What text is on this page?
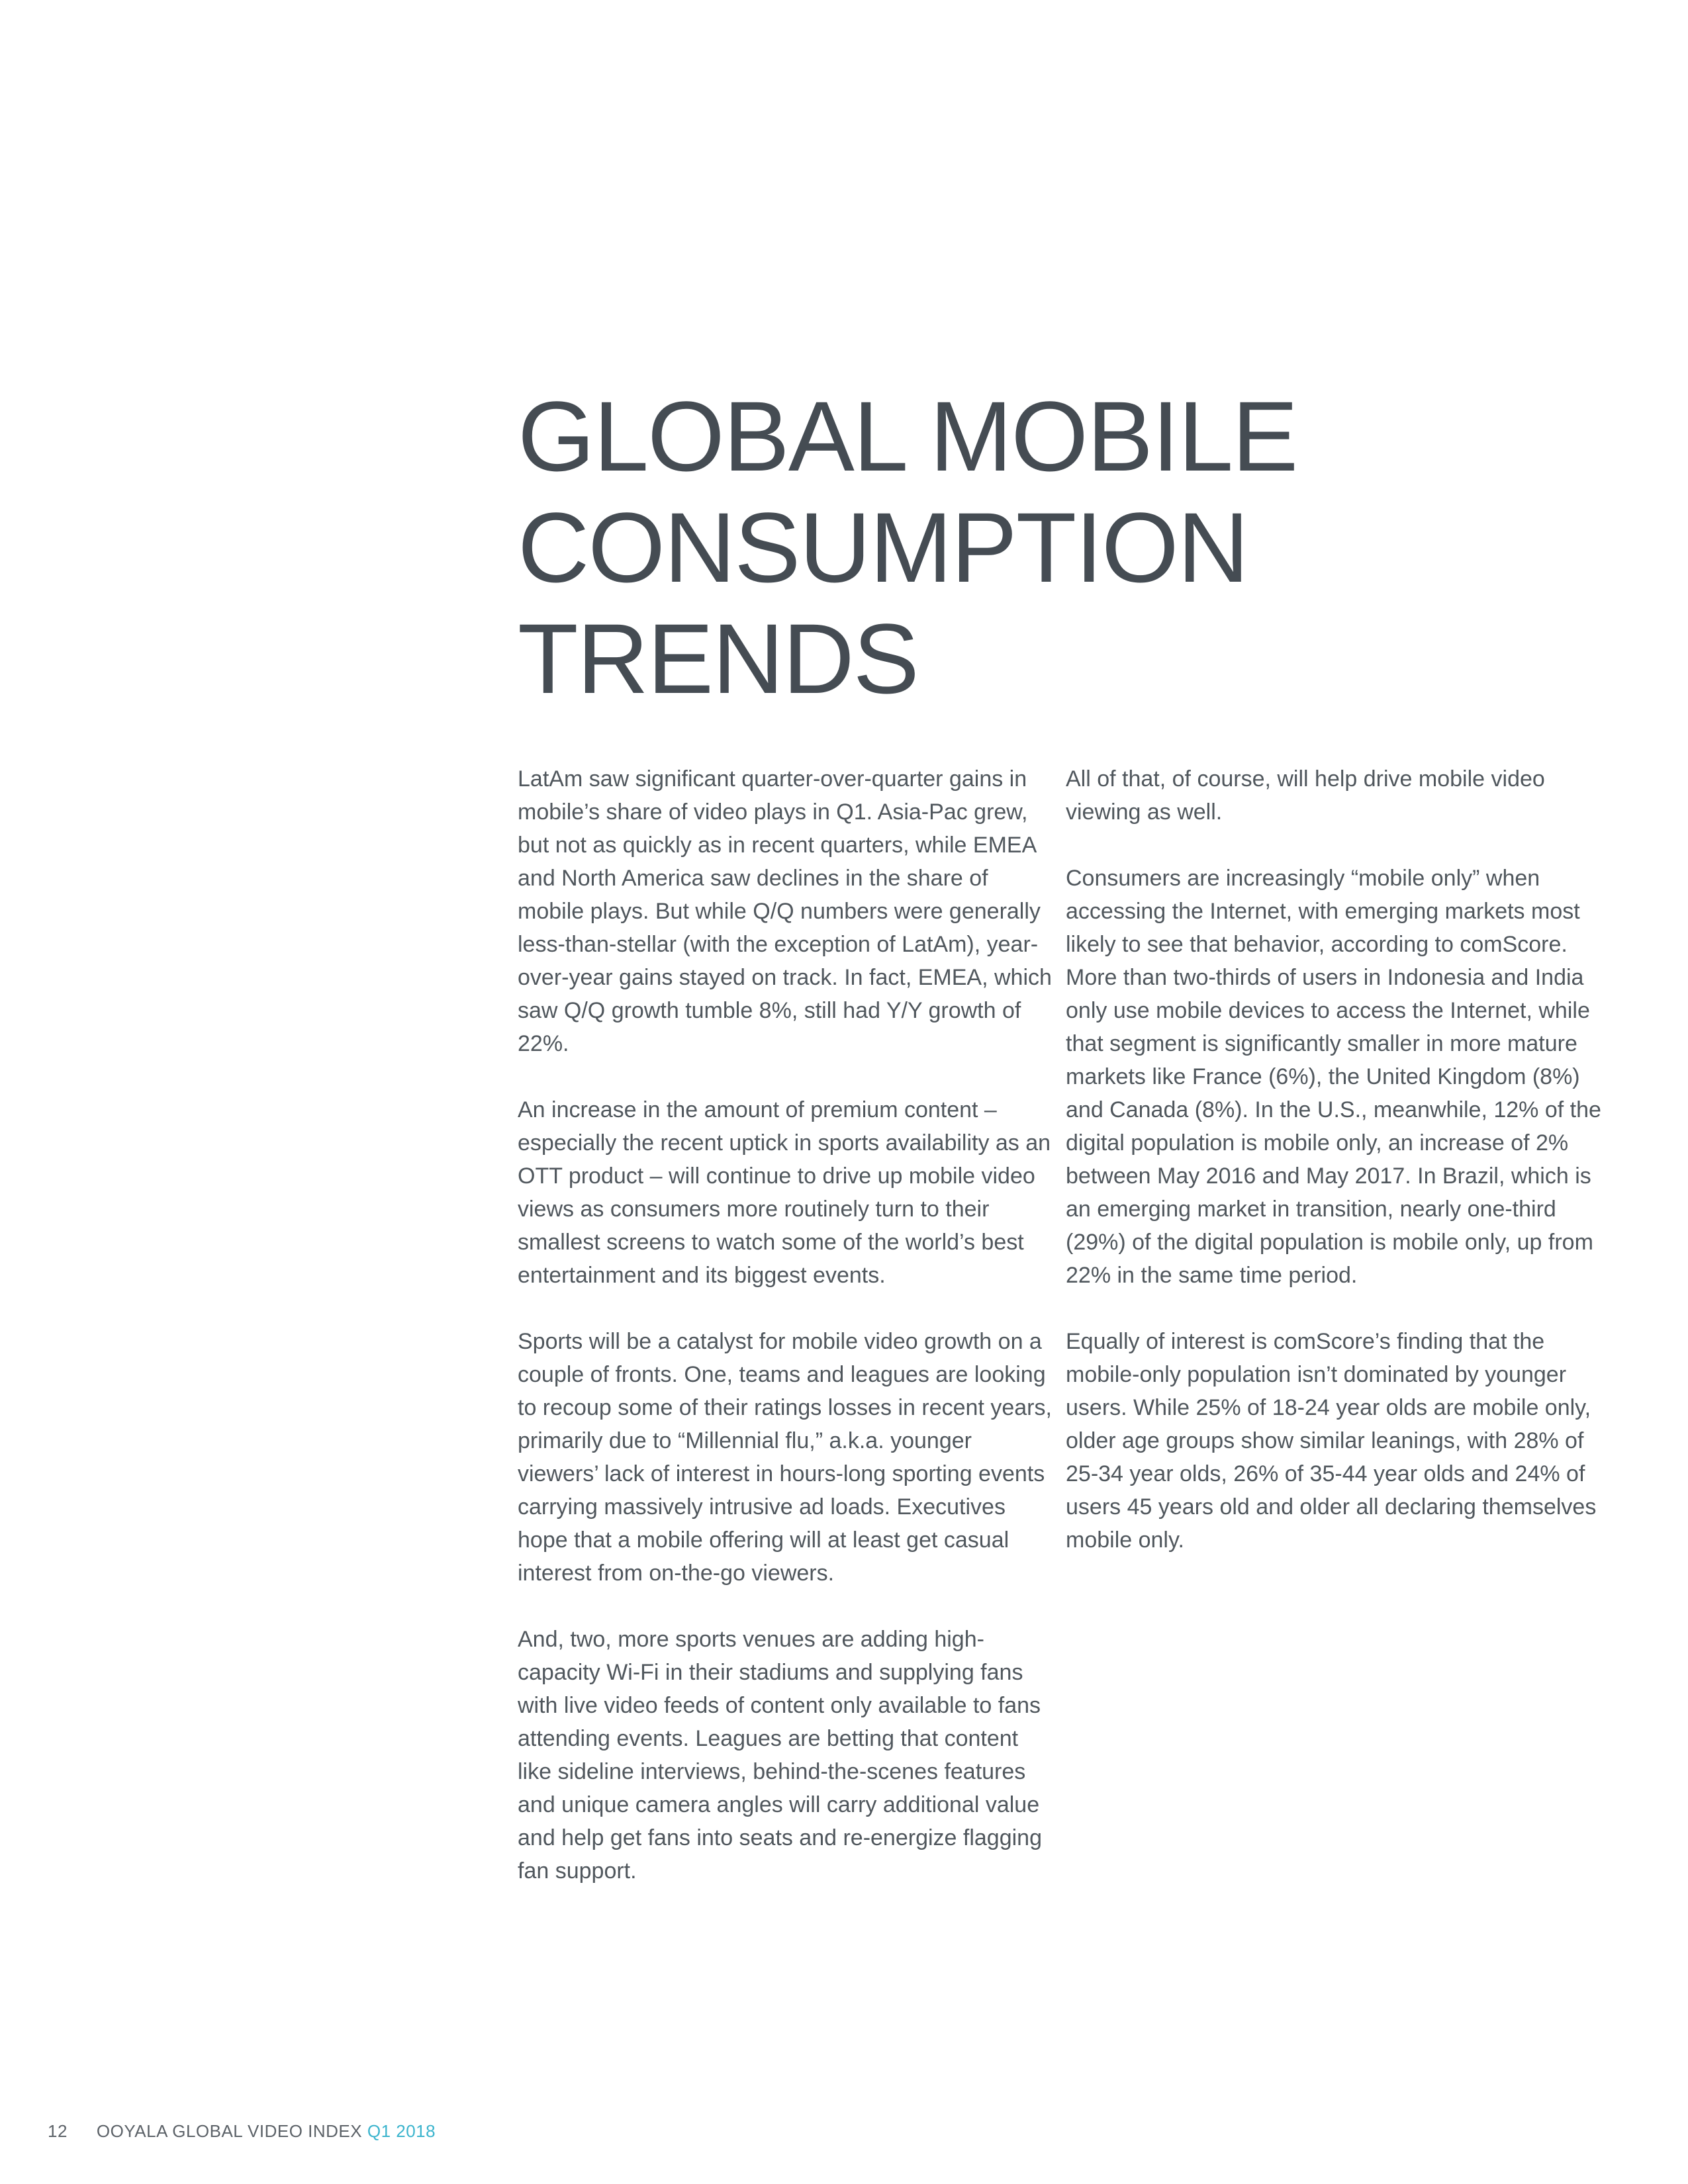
GLOBAL MOBILE
CONSUMPTION
TRENDS

LatAm saw significant quarter-over-quarter gains in mobile’s share of video plays in Q1. Asia-Pac grew, but not as quickly as in recent quarters, while EMEA and North America saw declines in the share of mobile plays. But while Q/Q numbers were generally less-than-stellar (with the exception of LatAm), year-over-year gains stayed on track. In fact, EMEA, which saw Q/Q growth tumble 8%, still had Y/Y growth of 22%.

An increase in the amount of premium content – especially the recent uptick in sports availability as an OTT product – will continue to drive up mobile video views as consumers more routinely turn to their smallest screens to watch some of the world’s best entertainment and its biggest events.

Sports will be a catalyst for mobile video growth on a couple of fronts. One, teams and leagues are looking to recoup some of their ratings losses in recent years, primarily due to “Millennial flu,” a.k.a. younger viewers’ lack of interest in hours-long sporting events carrying massively intrusive ad loads. Executives hope that a mobile offering will at least get casual interest from on-the-go viewers.

And, two, more sports venues are adding high-capacity Wi-Fi in their stadiums and supplying fans with live video feeds of content only available to fans attending events. Leagues are betting that content like sideline interviews, behind-the-scenes features and unique camera angles will carry additional value and help get fans into seats and re-energize flagging fan support.

All of that, of course, will help drive mobile video viewing as well.

Consumers are increasingly “mobile only” when accessing the Internet, with emerging markets most likely to see that behavior, according to comScore. More than two-thirds of users in Indonesia and India only use mobile devices to access the Internet, while that segment is significantly smaller in more mature markets like France (6%), the United Kingdom (8%) and Canada (8%). In the U.S., meanwhile, 12% of the digital population is mobile only, an increase of 2% between May 2016 and May 2017. In Brazil, which is an emerging market in transition, nearly one-third (29%) of the digital population is mobile only, up from 22% in the same time period.

Equally of interest is comScore’s finding that the mobile-only population isn’t dominated by younger users. While 25% of 18-24 year olds are mobile only, older age groups show similar leanings, with 28% of 25-34 year olds, 26% of 35-44 year olds and 24% of users 45 years old and older all declaring themselves mobile only.

12 OOYALA GLOBAL VIDEO INDEX Q1 2018
